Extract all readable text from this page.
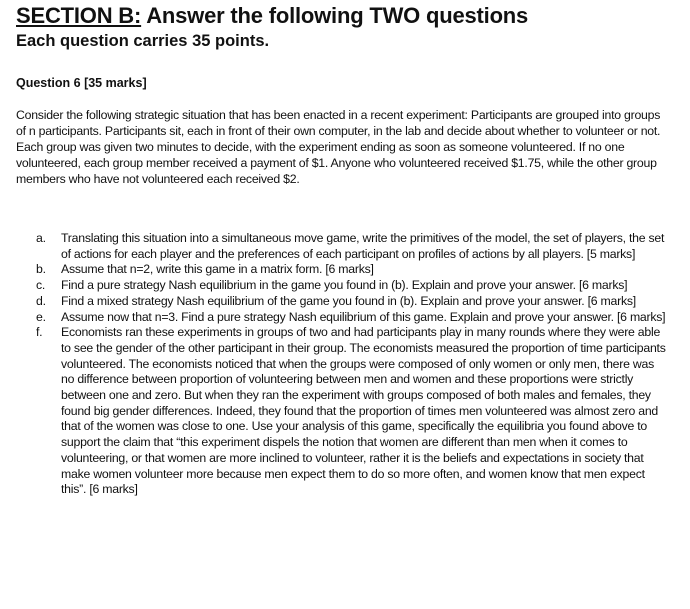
SECTION B: Answer the following TWO questions
Each question carries 35 points.
Question 6 [35 marks]
Consider the following strategic situation that has been enacted in a recent experiment: Participants are grouped into groups of n participants. Participants sit, each in front of their own computer, in the lab and decide about whether to volunteer or not. Each group was given two minutes to decide, with the experiment ending as soon as someone volunteered. If no one volunteered, each group member received a payment of $1. Anyone who volunteered received $1.75, while the other group members who have not volunteered each received $2.
a. Translating this situation into a simultaneous move game, write the primitives of the model, the set of players, the set of actions for each player and the preferences of each participant on profiles of actions by all players. [5 marks]
b. Assume that n=2, write this game in a matrix form. [6 marks]
c. Find a pure strategy Nash equilibrium in the game you found in (b). Explain and prove your answer. [6 marks]
d. Find a mixed strategy Nash equilibrium of the game you found in (b). Explain and prove your answer. [6 marks]
e. Assume now that n=3. Find a pure strategy Nash equilibrium of this game. Explain and prove your answer. [6 marks]
f. Economists ran these experiments in groups of two and had participants play in many rounds where they were able to see the gender of the other participant in their group. The economists measured the proportion of time participants volunteered. The economists noticed that when the groups were composed of only women or only men, there was no difference between proportion of volunteering between men and women and these proportions were strictly between one and zero. But when they ran the experiment with groups composed of both males and females, they found big gender differences. Indeed, they found that the proportion of times men volunteered was almost zero and that of the women was close to one. Use your analysis of this game, specifically the equilibria you found above to support the claim that “this experiment dispels the notion that women are different than men when it comes to volunteering, or that women are more inclined to volunteer, rather it is the beliefs and expectations in society that make women volunteer more because men expect them to do so more often, and women know that men expect this”. [6 marks]
